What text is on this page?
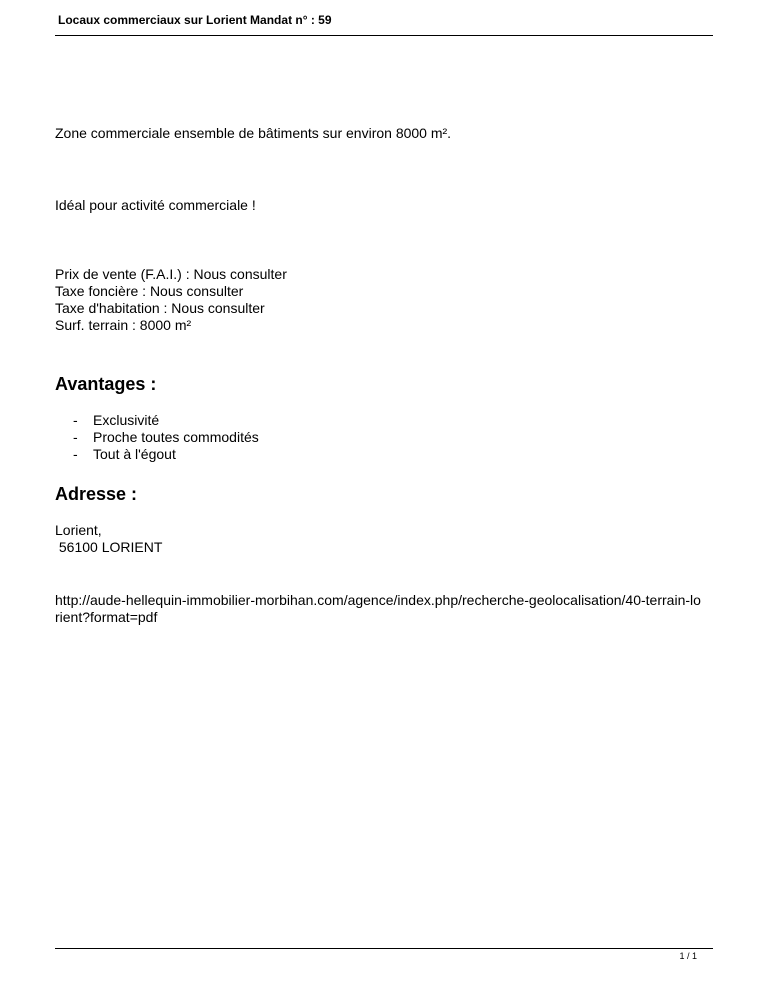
Locaux commerciaux sur Lorient Mandat n° : 59

Zone commerciale ensemble de bâtiments sur environ 8000 m².

Idéal pour activité commerciale !

Prix de vente (F.A.I.) : Nous consulter
Taxe foncière : Nous consulter
Taxe d'habitation : Nous consulter
Surf. terrain : 8000 m²
Avantages :
- Exclusivité
- Proche toutes commodités
- Tout à l'égout
Adresse :
Lorient,
56100 LORIENT
http://aude-hellequin-immobilier-morbihan.com/agence/index.php/recherche-geolocalisation/40-terrain-lorient?format=pdf
1 / 1
